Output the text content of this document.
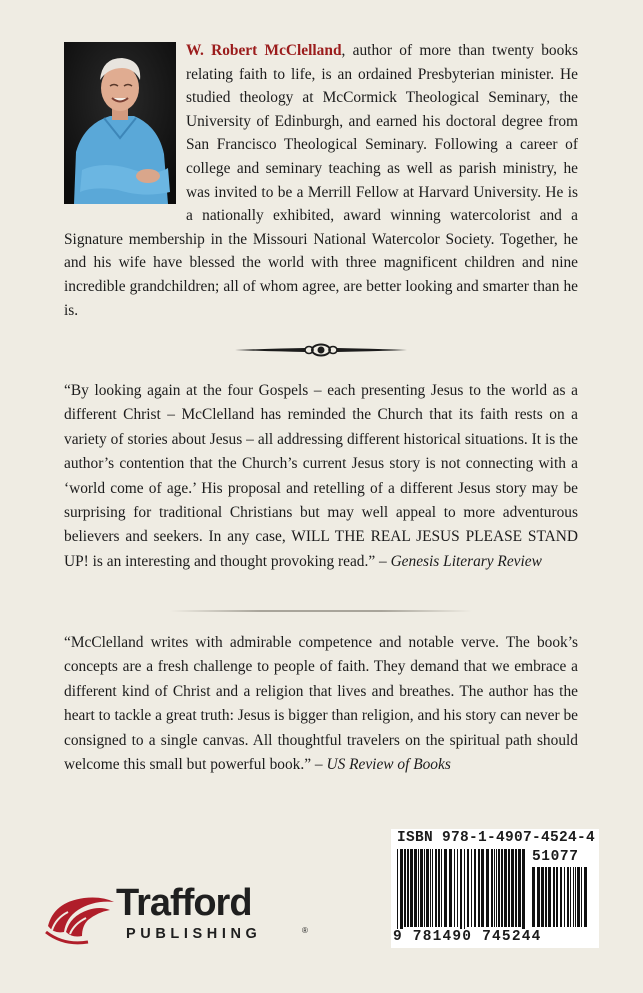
W. Robert McClelland, author of more than twenty books relating faith to life, is an ordained Presbyterian minister. He studied theology at McCormick Theological Seminary, the University of Edinburgh, and earned his doctoral degree from San Francisco Theological Seminary. Following a career of college and seminary teaching as well as parish ministry, he was invited to be a Merrill Fellow at Harvard University. He is a nationally exhibited, award winning watercolorist and a Signature membership in the Missouri National Watercolor Society. Together, he and his wife have blessed the world with three magnificent children and nine incredible grandchildren; all of whom agree, are better looking and smarter than he is.
“By looking again at the four Gospels – each presenting Jesus to the world as a different Christ – McClelland has reminded the Church that its faith rests on a variety of stories about Jesus – all addressing different historical situations. It is the author’s contention that the Church’s current Jesus story is not connecting with a ‘world come of age.’ His proposal and retelling of a different Jesus story may be surprising for traditional Christians but may well appeal to more adventurous believers and seekers. In any case, WILL THE REAL JESUS PLEASE STAND UP! is an interesting and thought provoking read.” – Genesis Literary Review
“McClelland writes with admirable competence and notable verve. The book’s concepts are a fresh challenge to people of faith. They demand that we embrace a different kind of Christ and a religion that lives and breathes. The author has the heart to tackle a great truth: Jesus is bigger than religion, and his story can never be consigned to a single canvas. All thoughtful travelers on the spiritual path should welcome this small but powerful book.” – US Review of Books
Trafford
PUBLISHING	®
ISBN 978-1-4907-4524-4
51077
9 781490 745244
